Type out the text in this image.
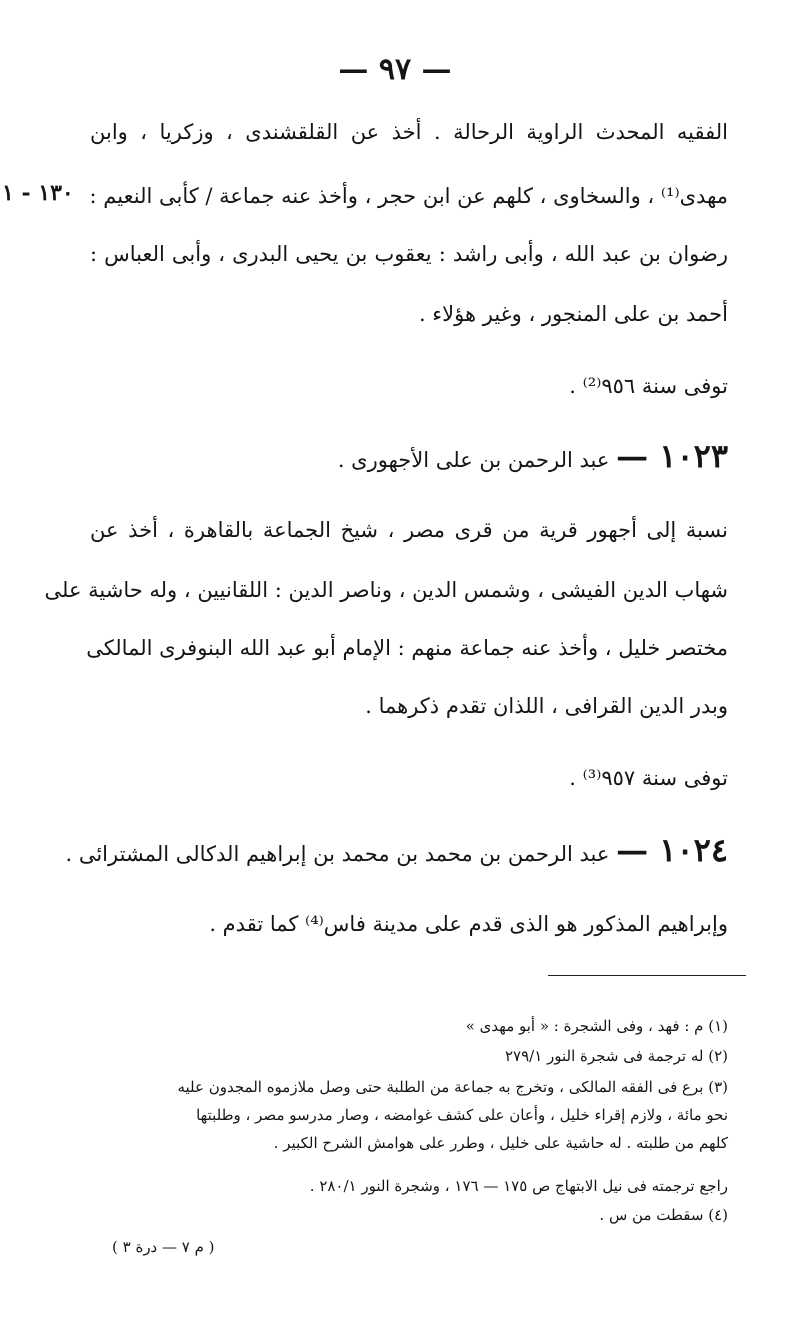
— ٩٧ —
١٣٠ - ١
الفقيه المحدث الراوية الرحالة . أخذ عن القلقشندى ، وزكريا ، وابن
مهدى⁽¹⁾ ، والسخاوى ، كلهم عن ابن حجر ، وأخذ عنه جماعة / كأبى النعيم :
رضوان بن عبد الله ، وأبى راشد : يعقوب بن يحيى البدرى ، وأبى العباس :
أحمد بن على المنجور ، وغير هؤلاء .
توفى سنة ٩٥٦⁽²⁾ .
١٠٢٣ — عبد الرحمن بن على الأجهورى .
نسبة إلى أجهور قرية من قرى مصر ، شيخ الجماعة بالقاهرة ، أخذ عن
شهاب الدين الفيشى ، وشمس الدين ، وناصر الدين : اللقانيين ، وله حاشية على
مختصر خليل ، وأخذ عنه جماعة منهم : الإمام أبو عبد الله البنوفرى المالكى
وبدر الدين القرافى ، اللذان تقدم ذكرهما .
توفى سنة ٩٥٧⁽³⁾ .
١٠٢٤ — عبد الرحمن بن محمد بن محمد بن إبراهيم الدكالى المشترائى .
وإبراهيم المذكور هو الذى قدم على مدينة فاس⁽⁴⁾ كما تقدم .
(١) م : فهد ، وفى الشجرة : « أبو مهدى »
(٢) له ترجمة فى شجرة النور ٢٧٩/١
(٣) برع فى الفقه المالكى ، وتخرج به جماعة من الطلبة حتى وصل ملازموه المجدون عليه
نحو مائة ، ولازم إقراء خليل ، وأعان على كشف غوامضه ، وصار مدرسو مصر ، وطلبتها
كلهم من طلبته . له حاشية على خليل ، وطرر على هوامش الشرح الكبير .
راجع ترجمته فى نيل الابتهاج ص ١٧٥ — ١٧٦ ، وشجرة النور ٢٨٠/١ .
(٤) سقطت من س .
( م ٧ — درة ٣ )
